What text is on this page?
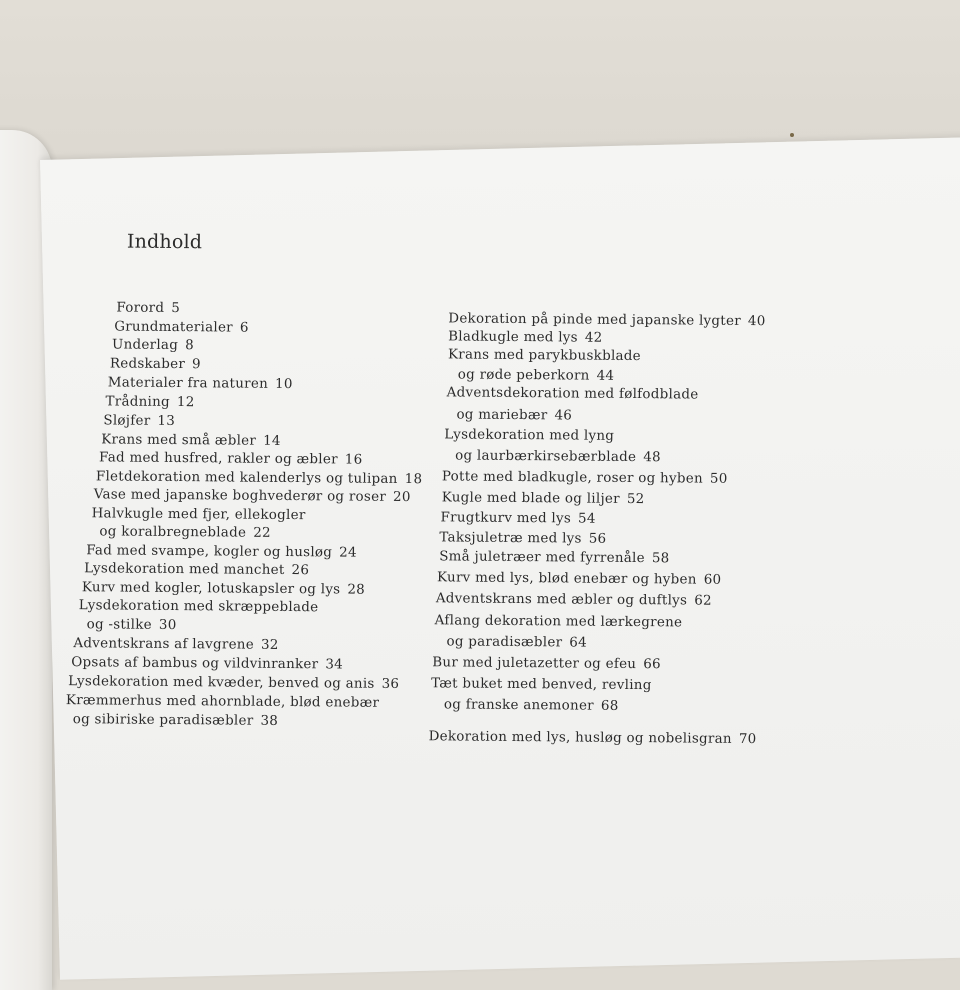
Indhold
Forord 5
Grundmaterialer 6
Underlag 8
Redskaber 9
Materialer fra naturen 10
Trådning 12
Sløjfer 13
Krans med små æbler 14
Fad med husfred, rakler og æbler 16
Fletdekoration med kalenderlys og tulipan 18
Vase med japanske boghvederør og roser 20
Halvkugle med fjer, ellekogler
og koralbregneblade 22
Fad med svampe, kogler og husløg 24
Lysdekoration med manchet 26
Kurv med kogler, lotuskapsler og lys 28
Lysdekoration med skræppeblade
og -stilke 30
Adventskrans af lavgrene 32
Opsats af bambus og vildvinranker 34
Lysdekoration med kvæder, benved og anis 36
Kræmmerhus med ahornblade, blød enebær
og sibiriske paradisæbler 38
Dekoration på pinde med japanske lygter 40
Bladkugle med lys 42
Krans med parykbuskblade
og røde peberkorn 44
Adventsdekoration med følfodblade
og mariebær 46
Lysdekoration med lyng
og laurbærkirsebærblade 48
Potte med bladkugle, roser og hyben 50
Kugle med blade og liljer 52
Frugtkurv med lys 54
Taksjuletræ med lys 56
Små juletræer med fyrrenåle 58
Kurv med lys, blød enebær og hyben 60
Adventskrans med æbler og duftlys 62
Aflang dekoration med lærkegrene
og paradisæbler 64
Bur med juletazetter og efeu 66
Tæt buket med benved, revling
og franske anemoner 68
Dekoration med lys, husløg og nobelisgran 70
